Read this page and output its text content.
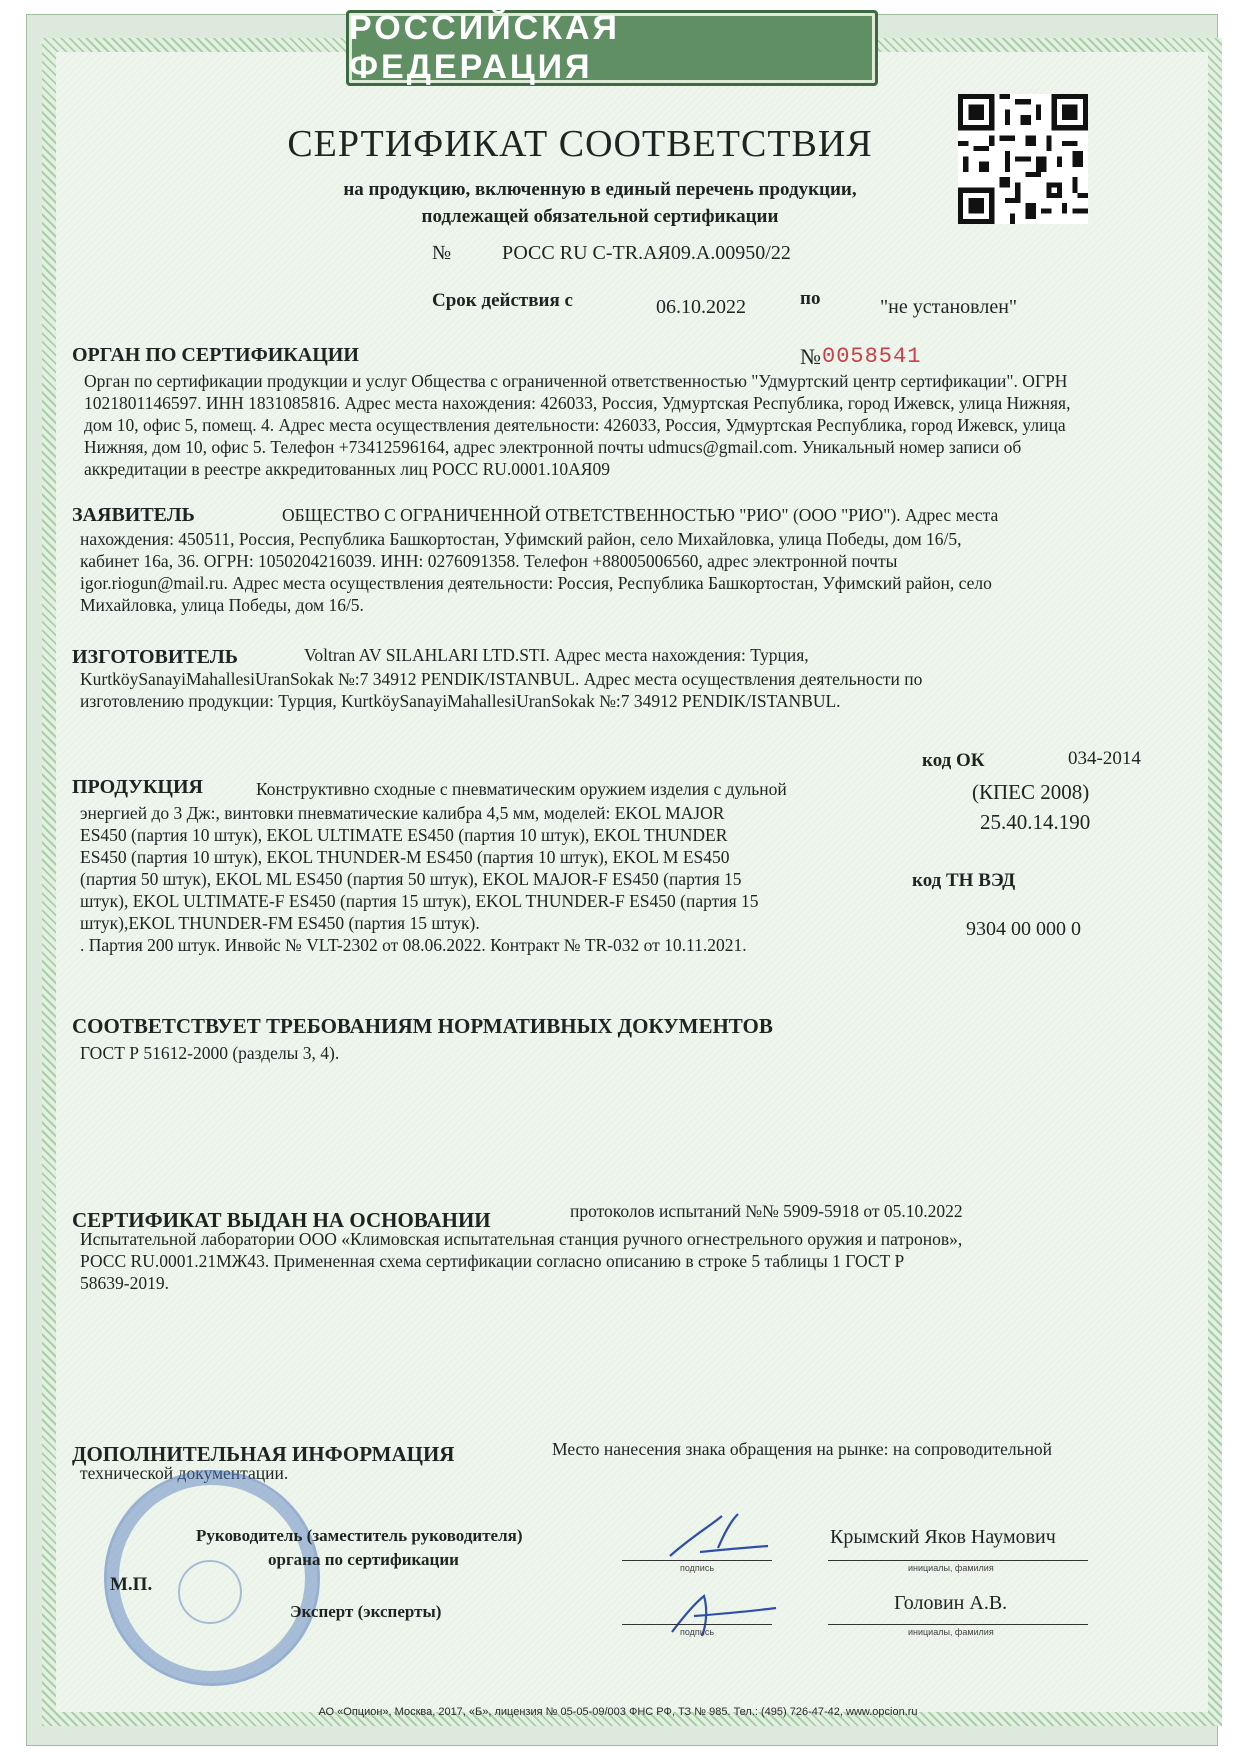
РОССИЙСКАЯ ФЕДЕРАЦИЯ
СЕРТИФИКАТ СООТВЕТСТВИЯ
на продукцию, включенную в единый перечень продукции,
подлежащей обязательной сертификации
№	РОСС RU С-TR.АЯ09.А.00950/22
Срок действия с	06.10.2022	по	"не установлен"
ОРГАН ПО СЕРТИФИКАЦИИ	№ 0058541
Орган по сертификации продукции и услуг Общества с ограниченной ответственностью "Удмуртский центр сертификации". ОГРН
1021801146597. ИНН 1831085816. Адрес места нахождения: 426033, Россия, Удмуртская Республика, город Ижевск, улица Нижняя,
дом 10, офис 5, помещ. 4. Адрес места осуществления деятельности: 426033, Россия, Удмуртская Республика, город Ижевск, улица
Нижняя, дом 10, офис 5. Телефон +73412596164, адрес электронной почты udmucs@gmail.com. Уникальный номер записи об
аккредитации в реестре аккредитованных лиц РОСС RU.0001.10АЯ09
ЗАЯВИТЕЛЬ	ОБЩЕСТВО С ОГРАНИЧЕННОЙ ОТВЕТСТВЕННОСТЬЮ "РИО" (ООО "РИО"). Адрес места
нахождения: 450511, Россия, Республика Башкортостан, Уфимский район, село Михайловка, улица Победы, дом 16/5,
кабинет 16а, 36. ОГРН: 1050204216039. ИНН: 0276091358. Телефон +88005006560, адрес электронной почты
igor.riogun@mail.ru. Адрес места осуществления деятельности: Россия, Республика Башкортостан, Уфимский район, село
Михайловка, улица Победы, дом 16/5.
ИЗГОТОВИТЕЛЬ	Voltran AV SILAHLARI LTD.STI. Адрес места нахождения: Турция,
KurtköySanayiMahallesiUranSokak №:7 34912 PENDIK/ISTANBUL. Адрес места осуществления деятельности по
изготовлению продукции: Турция, KurtköySanayiMahallesiUranSokak №:7 34912 PENDIK/ISTANBUL.
ПРОДУКЦИЯ	Конструктивно сходные с пневматическим оружием изделия с дульной
энергией до 3 Дж:, винтовки пневматические калибра 4,5 мм, моделей: EKOL MAJOR
ES450 (партия 10 штук), EKOL ULTIMATE ES450 (партия 10 штук), EKOL THUNDER
ES450 (партия 10 штук), EKOL THUNDER-M ES450 (партия 10 штук), EKOL M ES450
(партия 50 штук), EKOL ML ES450 (партия 50 штук), EKOL MAJOR-F ES450 (партия 15
штук), EKOL ULTIMATE-F ES450 (партия 15 штук), EKOL THUNDER-F ES450 (партия 15
штук),EKOL THUNDER-FM ES450 (партия 15 штук).
. Партия 200 штук. Инвойс № VLT-2302 от 08.06.2022. Контракт № TR-032 от 10.11.2021.
код ОК	034-2014
(КПЕС 2008)
25.40.14.190
код ТН ВЭД
9304 00 000 0
СООТВЕТСТВУЕТ ТРЕБОВАНИЯМ НОРМАТИВНЫХ ДОКУМЕНТОВ
ГОСТ Р 51612-2000 (разделы 3, 4).
СЕРТИФИКАТ ВЫДАН НА ОСНОВАНИИ	протоколов испытаний №№ 5909-5918 от 05.10.2022
Испытательной лаборатории ООО «Климовская испытательная станция ручного огнестрельного оружия и патронов»,
РОСС RU.0001.21МЖ43. Примененная схема сертификации согласно описанию в строке 5 таблицы 1 ГОСТ Р
58639-2019.
ДОПОЛНИТЕЛЬНАЯ ИНФОРМАЦИЯ	Место нанесения знака обращения на рынке: на сопроводительной
технической документации.
Руководитель (заместитель руководителя)
органа по сертификации
М.П.
Эксперт (эксперты)
подпись
Крымский Яков Наумович
инициалы, фамилия
подпись
Головин А.В.
инициалы, фамилия
АО «Опцион», Москва, 2017, «Б», лицензия № 05-05-09/003 ФНС РФ, ТЗ № 985. Тел.: (495) 726-47-42, www.opcion.ru
